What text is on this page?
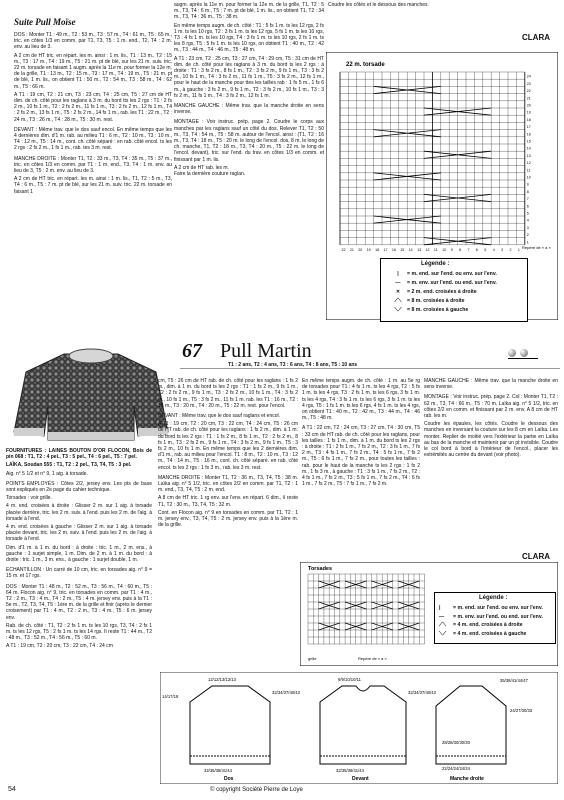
Suite Pull Moïse

DOS : Monter T1 : 49 m., T2 : 53 m., T3 : 57 m., T4 : 61 m., T5 : 65 m., tric. en côtes 1/3 en comm. par T1, T3, T5 : 1 m. end., T2, T4 : 2 m. env. au lieu de 3.

A 2 cm de HT tric. en répart. les m. ainsi : 1 m. lis., T1 : 13 m., T2 : 15 m., T3 : 17 m., T4 : 19 m., T5 : 21 m. pt de blé, sur les 21 m. suiv. tric. 22 m. torsade en faisant 1 augm. après la 11e m. pour former la 12e m. de la grille, T1 : 13 m., T2 : 15 m., T3 : 17 m., T4 : 19 m., T5 : 21 m. pt de blé, 1 m. lis., on obtient T1 : 50 m., T2 : 54 m., T3 : 58 m., T4 : 62 m., T5 : 66 m.

A T1 : 19 cm, T2 : 21 cm, T3 : 23 cm, T4 : 25 cm, T5 : 27 cm de HT dim. de ch. côté pour les raglans à 3 m. du bord tts les 2 rgs : T1 : 2 fs 2 m., 10 fs 1 m., T2 : 2 fs 2 m., 11 fs 1 m., T3 : 2 fs 2 m., 12 fs 1 m., T4 : 2 fs 2 m., 13 fs 1 m., T5 : 2 fs 2 m., 14 fs 1 m., rab. les T1 : 22 m., T2 : 24 m., T3 : 26 m., T4 : 28 m., T5 : 30 m. rest.

DEVANT : Même trav. que le dos sauf encol. En même temps que les 4 dernières dim. d'1 m. rab. au milieu T1 : 6 m., T2 : 10 m., T3 : 10 m., T4 : 12 m., T5 : 14 m., cont. ch. côté séparé : en rab. côté encol. ts les 2 rgs : 2 fs 2 m., 1 fs 1 m., rab. tes 3 m. rest.

MANCHE DROITE : Monter T1, T2 : 33 m., T3, T4 : 35 m., T5 : 37 m., tric. en côtes 1/3 en comm. par T1 : 1 m. end., T3, T4 : 1 m. env. au lieu de 3, T5 : 2 m. env. au lieu de 3.

A 2 cm de HT tric. en répart. les m. ainsi : 1 m. lis., T1, T2 : 5 m., T3, T4 : 6 m., T5 : 7 m. pt de blé, sur les 21 m. suiv. tric. 22 m. torsade en faisant 1

augm. après la 11e m. pour former la 12e m. de la grille, T1, T2 : 5 m., T3, T4 : 6 m., T5 : 7 m. pt de blé, 1 m. lis., on obtient T1, T2 : 34 m., T3, T4 : 36 m., T5 : 38 m.

En même temps augm. de ch. côté : T1 : 5 fs 1 m. ts les 12 rgs, 2 fs 1 m. ts les 10 rgs, T2 : 3 fs 1 m. ts les 12 rgs, 5 fs 1 m. ts les 10 rgs, T3 : 4 fs 1 m. ts les 10 rgs, T4 : 3 fs 1 m. ts les 10 rgs, 2 fs 1 m. ts les 8 rgs, T5 : 5 fs 1 m. ts les 10 rgs, on obtient T1 : 40 m., T2 : 42 m., T3 : 44 m., T4 : 46 m., T5 : 48 m.

A T1 : 23 cm, T2 : 25 cm, T3 : 27 cm, T4 : 29 cm, T5 : 31 cm de HT dim. de ch. côté pour les raglans à 3 m. du bord ts les 2 rgs : à droite : T1 : 3 fs 2 m., 8 fs 1 m., T2 : 3 fs 2 m., 9 fs 1 m., T3 : 3 fs 2 m., 10 fs 1 m., T4 : 3 fs 2 m., 11 fs 1 m., T5 : 3 fs 2 m., 12 fs 1 m., pour le haut de la manche pour ttes les tailles rab : 1 fs 5 m., 1 fs 6 m., à gauche : 3 fs 2 m., 9 fs 1 m., T2 : 3 fs 2 m., 10 fs 1 m., T3 : 3 fs 2 m., 11 fs 1 m., T4 : 3 fs 2 m., 12 fs 1 m.

MANCHE GAUCHE : Même trav. que la manche droite en sens inverse.

MONTAGE : Voir instruc. prép. page 2. Coudre le corps aux manches par les raglans sauf un côté du dos. Relever T1, T2 : 50 m., T3, T4 : 54 m., T5 : 58 m. autour de l'encol. ainsi : (T1, T2 : 16 m., T3, T4 : 18 m., T5 : 20 m. le long de l'encol. dos, 8 m. le long de ch. manche, T1, T2 : 18 m., T3, T4 : 20 m., T5 : 22 m. le long de l'encol. devant), tric. sur l'end. du trav. en côtes 1/3 en comm. et finissant par 1 m. lis.

A 2 cm de HT rab. les m.

Faire la dernière couture raglan.

Coudre les côtés et le dessous des manches.
CLARA
22 21 20 19 18 17 16 15 14 13 12 11 10 9 8 7 6 5 4 3 2 1
1
2
3
4
5
6
7
8
9
10
11
12
13
14
15
16
17
18
19
20
21
22
23
24
22 m. torsade
Repère de « a »
Légende :
| = m. end. sur l'end. ou env. sur l'env.
— = m. env. sur l'end. ou end. sur l'env.
✕ = 2 m. end. croisées à droite
⟋⟍ = 8 m. croisées à droite
⟍⟋ = 8 m. croisées à gauche
67 Pull Martin
T1 : 2 ans, T2 : 4 ans, T3 : 6 ans, T4 : 8 ans, T5 : 10 ans

FOURNITURES : LAINES BOUTON D'OR FLOCON, Bois de pin 068 : T1, T2 : 4 pel., T3 : 5 pel., T4 : 6 pel., T5 : 7 pel.

LAÏKA, Soudan 555 : T1, T2 : 2 pel., T3, T4, T5 : 3 pel.

Aig. n° 5 1/2 et n° 9, 1 aig. à torsade.

POINTS EMPLOYÉS : Côtes 2/2, jersey env. Les pts de base sont expliqués en 2e page du cahier technique.

Torsades : voir grille.

4 m. end. croisées à droite : Glisser 2 m. sur 1 aig. à torsade placée derrière, tric. les 2 m. suiv. à l'end. puis les 2 m. de l'aig. à torsade à l'end.

4 m. end. croisées à gauche : Glisser 2 m. sur 1 aig. à torsade placée devant, tric. les 2 m. suiv. à l'end. puis les 2 m. de l'aig. à torsade à l'end.

Dim. d'1 m. à 1 m. du bord : à droite : tric. 1 m., 2 m. ens., à gauche : 1 surjet simple, 1 m. Dim. de 2 m. à 1 m. du bord : à droite : tric. 1 m., 3 m. ens., à gauche : 1 surjet double, 1 m.

ECHANTILLON : Un carré de 10 cm, tric. en torsades aig. n° 9 = 15 m. et 17 rgs.

DOS : Monter T1 : 48 m., T2 : 52 m., T3 : 56 m., T4 : 60 m., T5 : 64 m. Flocon aig. n° 9, tric. en torsades en comm. par T1 : 4 m., T2 : 2 m., T3 : 4 m., T4 : 2 m., T5 : 4 m. jersey env. puis à la T1 : 5e m., T2, T3, T4, T5 : 1ère m. de la grille et finir (après le dernier croisement) par T1 : 4 m., T2 : 2 m., T3 : 4 m., T5 : 6 m. jersey env.

Rab. de ch. côté : T1, T2 : 2 fs 1 m. ts les 10 rgs, T3, T4 : 2 fs 1 m. ts les 12 rgs, T5 : 2 fs 1 m. ts les 14 rgs. Il reste T1 : 44 m., T2 : 48 m., T3 : 52 m., T4 : 56 m., T5 : 60 m.

A T1 : 19 cm, T2 : 20 cm, T3 : 22 cm, T4 : 24 cm

cm, T5 : 26 cm de HT rab. de ch. côté pour les raglans : 1 fs 2 m., dim. à 1 m. du bord ts les 2 rgs : T1 : 1 fs 2 m., 9 fs 1 m., T2 : 2 fs 2 m., 9 fs 1 m., T3 : 2 fs 2 m., 10 fs 1 m., T4 : 3 fs 2 m., 10 fs 1 m., T5 : 3 fs 2 m., 11 fs 1 m. rab. les T1 : 16 m., T2 : 18 m., T3 : 20 m., T4 : 20 m., T5 : 22 m. rest. pour l'encol.

DEVANT : Même trav. que le dos sauf raglans et encol.

A T1 : 19 cm, T2 : 20 cm, T3 : 22 cm, T4 : 24 cm, T5 : 26 cm de HT rab. de ch. côté pour les raglans : 1 fs 2 m., dim. à 1 m. du bord ts les 2 rgs : T1 : 1 fs 2 m., 8 fs 1 m., T2 : 2 fs 2 m., 8 fs 1 m., T3 : 2 fs 2 m., 9 fs 1 m., T4 : 3 fs 2 m., 9 fs 1 m., T5 : 3 fs 2 m., 10 fs 1 m. En même temps que les 2 dernières dim. d'1 m., rab. au milieu pour l'encol. T1 : 8 m., T2 : 10 m., T3 : 12 m., T4 : 14 m., T5 : 16 m., cont. ch. côté séparé. en rab. côté encol. ts les 2 rgs : 1 fs 3 m., rab. les 3 m. rest.

MANCHE DROITE : Monter T1, T2 : 36 m., T3, T4, T5 : 38 m. Laïka aig. n° 5 1/2, tric. en côtes 2/2 en comm. par T1, T2 : 1 m. end., T3, T4, T5 : 2 m. end.

A 8 cm de HT tric. 1 rg env. sur l'env. en répart. 6 dim., il reste T1, T2 : 30 m., T3, T4, T5 : 32 m.

Cont. en Flocon aig. n° 9 en torsades en comm. par T1, T2 : 1 m. jersey env., T3, T4, T5 : 2 m. jersey env. puis à la 1ère m. de la grille.

En même temps augm. de ch. côté : 1 m. au 5e rg de torsades pour T1 : 4 fs 1 m. ts les 4 rgs, T2 : 5 fs 1 m. ts les 4 rgs, T3 : 2 fs 1 m. ts les 6 rgs, 3 fs 1 m. ts les 4 rgs, T4 : 3 fs 1 m. ts les 6 rgs, 3 fs 1 m. ts les 4 rgs, T5 : 1 fs 1 m. ts les 6 rgs, 4 fs 1 m. ts les 4 rgs, on obtient T1 : 40 m., T2 : 42 m., T3 : 44 m., T4 : 46 m., T5 : 48 m.

A T1 : 22 cm, T2 : 24 cm, T3 : 27 cm, T4 : 30 cm, T5 : 33 cm de HT rab. de ch. côté pour les raglans, pour les tailles : 1 fs 1 m., dim. à 1 m. du bord ts les 2 rgs : à droite : T1 : 2 fs 1 m., 7 fs 2 m., T2 : 3 fs 1 m., 7 fs 2 m., T3 : 4 fs 1 m., 7 fs 2 m., T4 : 5 fs 1 m., 7 fs 2 m., T5 : 6 fs 1 m., 7 fs 2 m., pour toutes les tailles : rab. pour le haut de la manche ts les 2 rgs : 1 fs 2 m., 1 fs 3 m., à gauche : T1 : 3 fs 1 m., 7 fs 2 m., T2 : 4 fs 1 m., 7 fs 2 m., T3 : 5 fs 1 m., 7 fs 2 m., T4 : 6 fs 1 m., 7 fs 2 m., T5 : 7 fs 1 m., 7 fs 2 m.

MANCHE GAUCHE : Même trav. que la manche droite en sens inverse.

MONTAGE : Voir instruc. prép. page 2. Col : Monter T1, T2 : 62 m., T3, T4 : 66 m., T5 : 70 m. Laïka aig. n° 5 1/2, tric. en côtes 2/2 en comm. et finissant par 2 m. env. A 8 cm de HT rab. les m.

Coudre les épaules, les côtés. Coudre le dessous des manches en inversant la couture sur les 8 cm en Laïka. Les monter. Replier de moitié vers l'extérieur la partie en Laïka au bas de la manche et maintenir par un pt invisible. Coudre le col bord à bord à l'intérieur de l'encol., placer les extrémités au centre du devant (voir photo).

CLARA
Torsades
Repère de « a »
grille
Légende :
| = m. end. sur l'end. ou env. sur l'env.
— = m. env. sur l'end. ou end. sur l'env.
⟋⟍ = 4 m. end. croisées à droite
⟍⟋ = 4 m. end. croisées à gauche
12/12/13/13/13
32/34/37/40/43
14/17/18
32/35/38/41/44
Dos
9/9/10/10/11
32/34/37/40/43
32/35/38/41/44
Devant
35/38/41/44/47
24/27/30/33
28/28/30/30/30
22/24/24/24/24
Manche droite
54	© copyright Société Pierre de Loye
